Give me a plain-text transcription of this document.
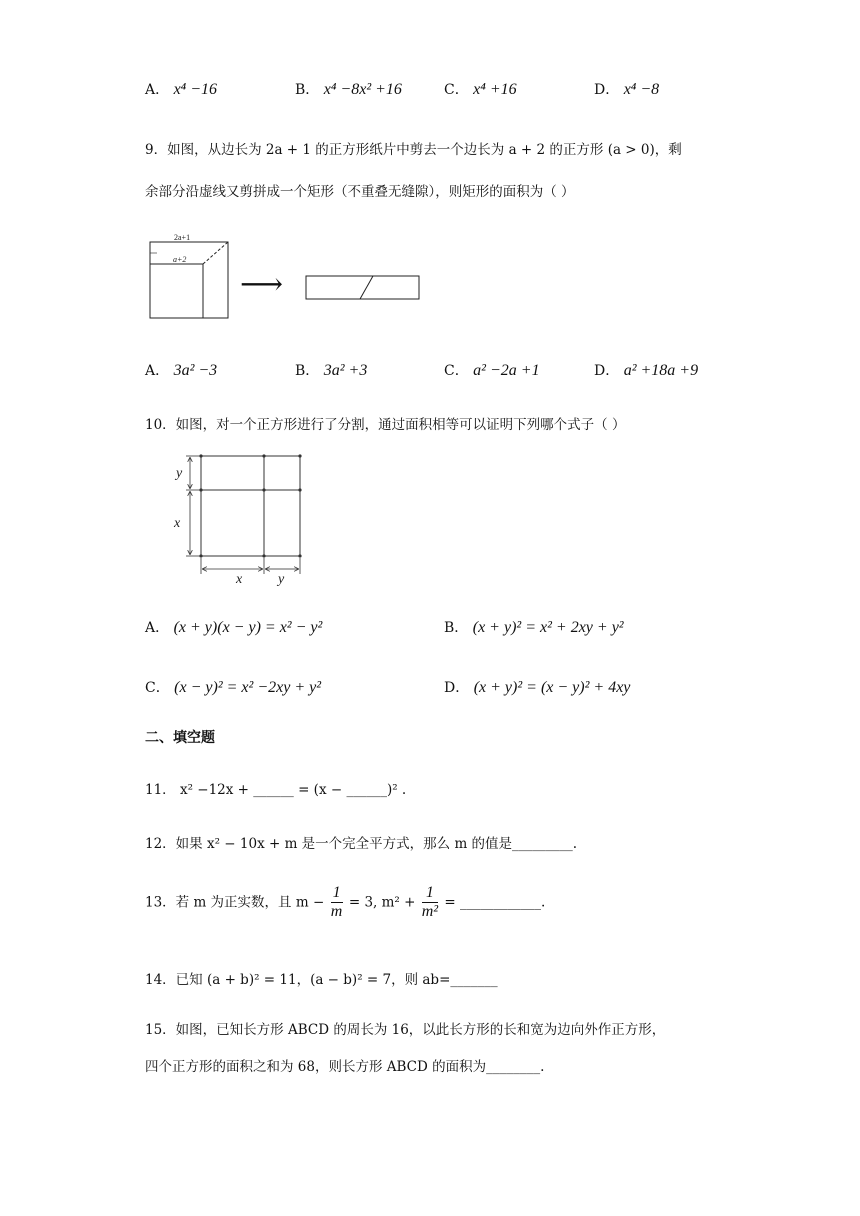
A． x⁴ −16	B． x⁴ −8x² +16	C． x⁴ +16	D． x⁴ −8
9．如图，从边长为 2a + 1 的正方形纸片中剪去一个边长为 a + 2 的正方形 (a > 0)，剩
余部分沿虚线又剪拼成一个矩形（不重叠无缝隙），则矩形的面积为（ ）
2a+1
a+2
⟶
A． 3a² −3	B． 3a² +3	C． a² −2a +1	D． a² +18a +9
10．如图，对一个正方形进行了分割，通过面积相等可以证明下列哪个式子（ ）
y
x
x	y
A． (x + y)(x − y) = x² − y²	B． (x + y)² = x² + 2xy + y²
C． (x − y)² = x² −2xy + y²	D． (x + y)² = (x − y)² + 4xy
二、填空题
11． x² −12x + ______ = (x − ______)² .
12．如果 x² − 10x + m 是一个完全平方式，那么 m 的值是_________.
13．若 m 为正实数，且 $m - \frac{1}{m} = 3$, $m^2 + \frac{1}{\text{m²}}$ = ____________.
14．已知 (a + b)² = 11，(a − b)² = 7，则 ab=_______
15．如图，已知长方形 ABCD 的周长为 16，以此长方形的长和宽为边向外作正方形，
四个正方形的面积之和为 68，则长方形 ABCD 的面积为________.
